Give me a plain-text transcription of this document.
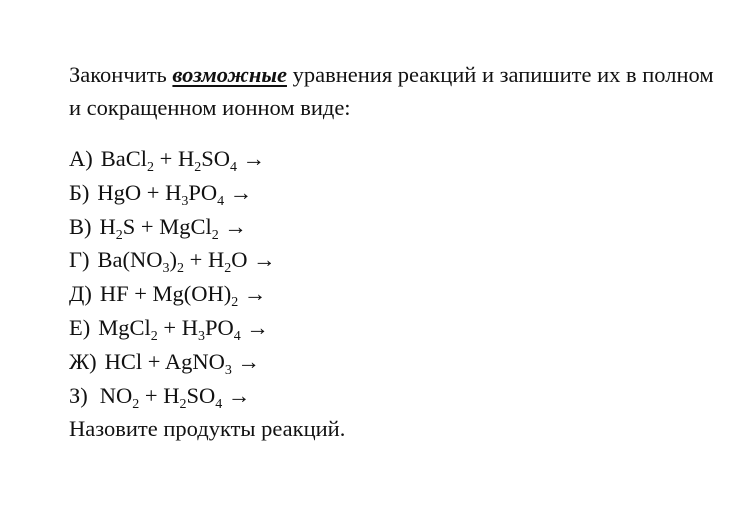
Закончить возможные уравнения реакций и запишите их в полном и сокращенном ионном виде:

А) BaCl$_2$ + $H_2SO_4$ →
Б) HgO + $H_3PO_4$ →
В) $H_2S$ + MgCl$_2$ →
Г) $Ba(NO_3)_2 + H_2O$ →
Д) HF + $Mg(OH)_2$ →
Е) MgCl$_2$ + $H_3PO_4$ →
Ж) HCl + AgNO$_3$ →
З) $NO_2 + H_2SO_4$ →
Назовите продукты реакций.
